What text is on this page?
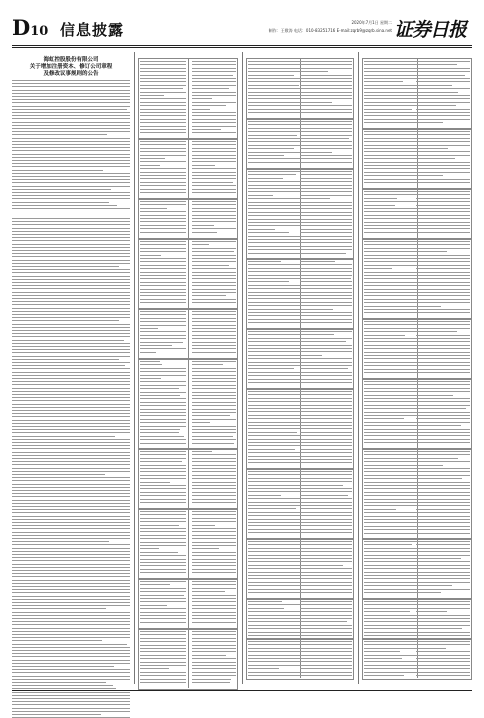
D10 信息披露	2020年7月1日 星期二
制作：王敬涛 电话：010-83251716 E-mail:zqrb9@zqrb.sina.net 证券日报
海虹控股股份有限公司
关于增加注册资本、修订公司章程
及修改议事规则的公告
